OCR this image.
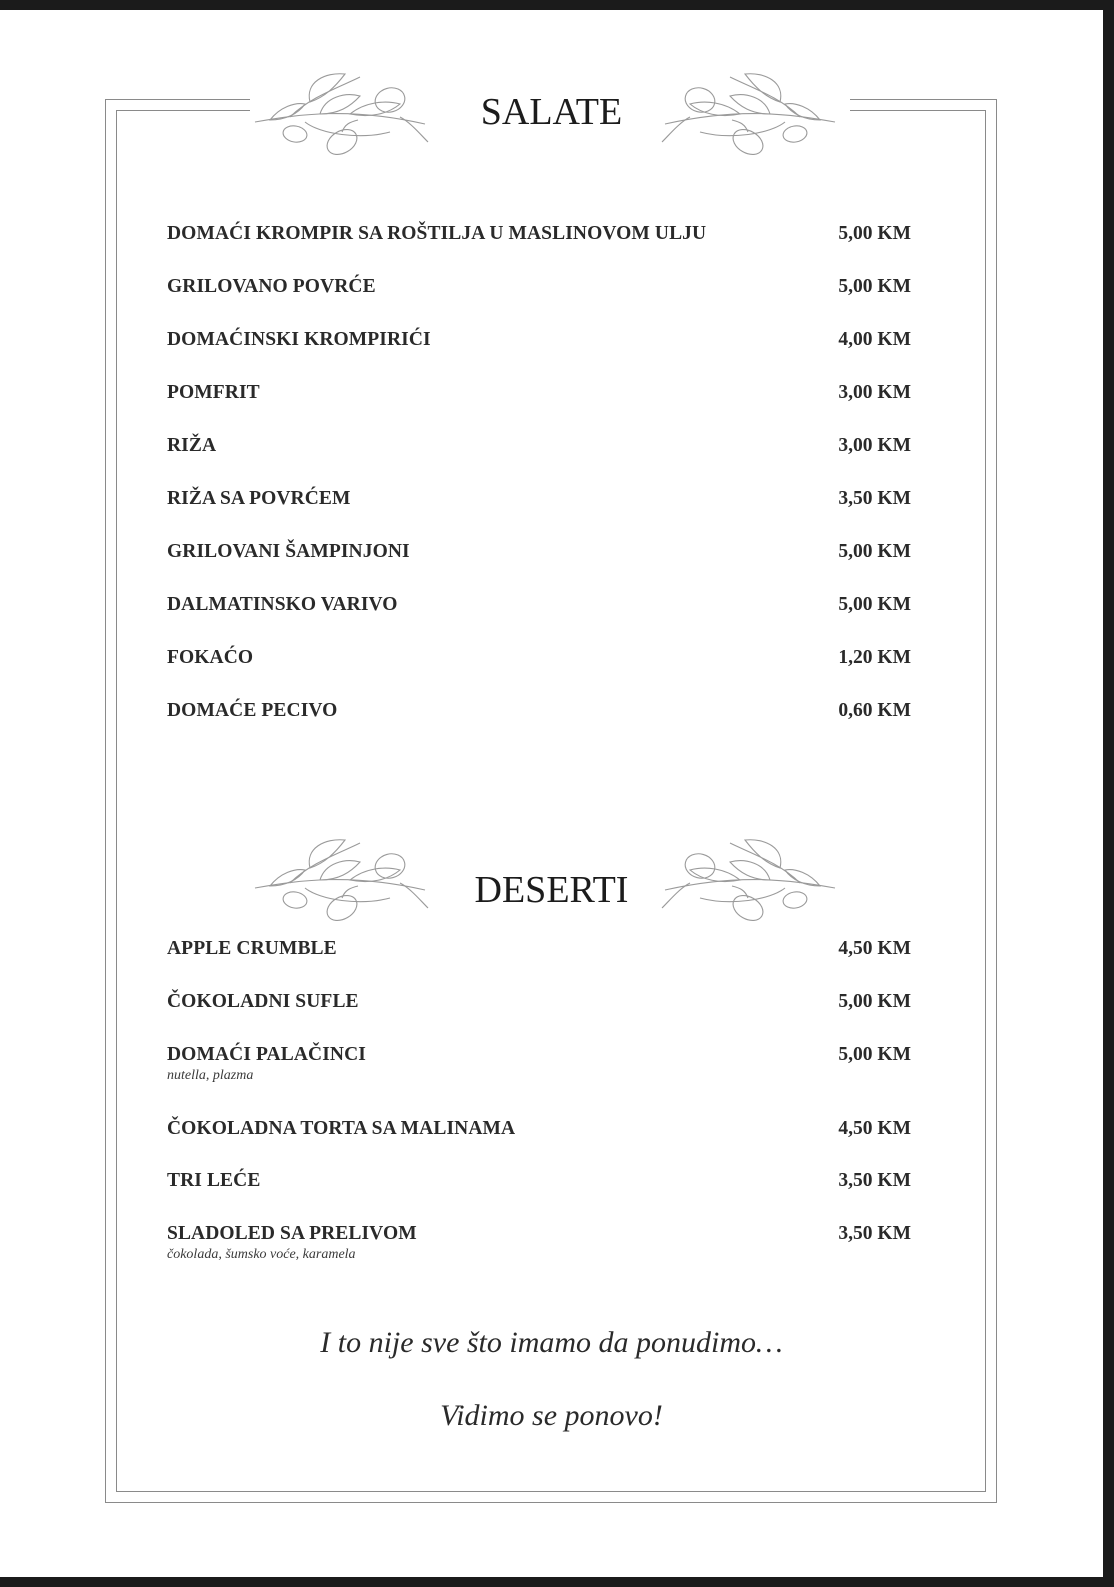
SALATE
DOMAĆI KROMPIR SA ROŠTILJA U MASLINOVOM ULJU	5,00 KM
GRILOVANO POVRĆE	5,00 KM
DOMAĆINSKI KROMPIRIĆI	4,00 KM
POMFRIT	3,00 KM
RIŽA	3,00 KM
RIŽA SA POVRĆEM	3,50 KM
GRILOVANI ŠAMPINJONI	5,00 KM
DALMATINSKO VARIVO	5,00 KM
FOKAĆO	1,20 KM
DOMAĆE PECIVO	0,60 KM
DESERTI
APPLE CRUMBLE	4,50 KM
ČOKOLADNI SUFLE	5,00 KM
DOMAĆI PALAČINCI	5,00 KM
nutella, plazma
ČOKOLADNA TORTA SA MALINAMA	4,50 KM
TRI LEĆE	3,50 KM
SLADOLED SA PRELIVOM	3,50 KM
čokolada, šumsko voće, karamela
I to nije sve što imamo da ponudimo…
Vidimo se ponovo!
